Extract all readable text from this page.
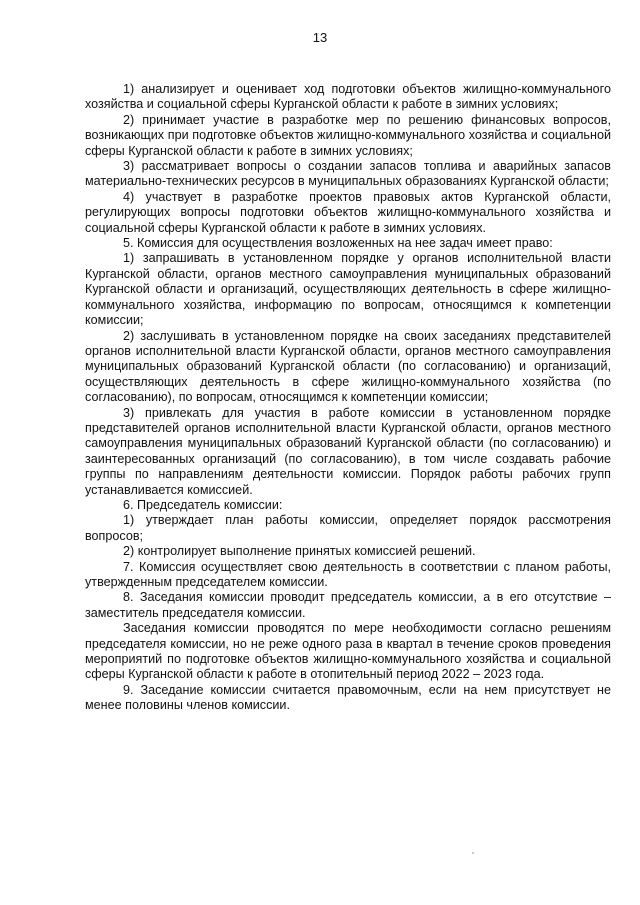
13

1) анализирует и оценивает ход подготовки объектов жилищно-коммунального хозяйства и социальной сферы Курганской области к работе в зимних условиях;

2) принимает участие в разработке мер по решению финансовых вопросов, возникающих при подготовке объектов жилищно-коммунального хозяйства и социальной сферы Курганской области к работе в зимних условиях;

3) рассматривает вопросы о создании запасов топлива и аварийных запасов материально-технических ресурсов в муниципальных образованиях Курганской области;

4) участвует в разработке проектов правовых актов Курганской области, регулирующих вопросы подготовки объектов жилищно-коммунального хозяйства и социальной сферы Курганской области к работе в зимних условиях.

5. Комиссия для осуществления возложенных на нее задач имеет право:

1) запрашивать в установленном порядке у органов исполнительной власти Курганской области, органов местного самоуправления муниципальных образований Курганской области и организаций, осуществляющих деятельность в сфере жилищно-коммунального хозяйства, информацию по вопросам, относящимся к компетенции комиссии;

2) заслушивать в установленном порядке на своих заседаниях представителей органов исполнительной власти Курганской области, органов местного самоуправления муниципальных образований Курганской области (по согласованию) и организаций, осуществляющих деятельность в сфере жилищно-коммунального хозяйства (по согласованию), по вопросам, относящимся к компетенции комиссии;

3) привлекать для участия в работе комиссии в установленном порядке представителей органов исполнительной власти Курганской области, органов местного самоуправления муниципальных образований Курганской области (по согласованию) и заинтересованных организаций (по согласованию), в том числе создавать рабочие группы по направлениям деятельности комиссии. Порядок работы рабочих групп устанавливается комиссией.

6. Председатель комиссии:

1) утверждает план работы комиссии, определяет порядок рассмотрения вопросов;

2) контролирует выполнение принятых комиссией решений.

7. Комиссия осуществляет свою деятельность в соответствии с планом работы, утвержденным председателем комиссии.

8. Заседания комиссии проводит председатель комиссии, а в его отсутствие – заместитель председателя комиссии.

Заседания комиссии проводятся по мере необходимости согласно решениям председателя комиссии, но не реже одного раза в квартал в течение сроков проведения мероприятий по подготовке объектов жилищно-коммунального хозяйства и социальной сферы Курганской области к работе в отопительный период 2022 – 2023 года.

9. Заседание комиссии считается правомочным, если на нем присутствует не менее половины членов комиссии.
